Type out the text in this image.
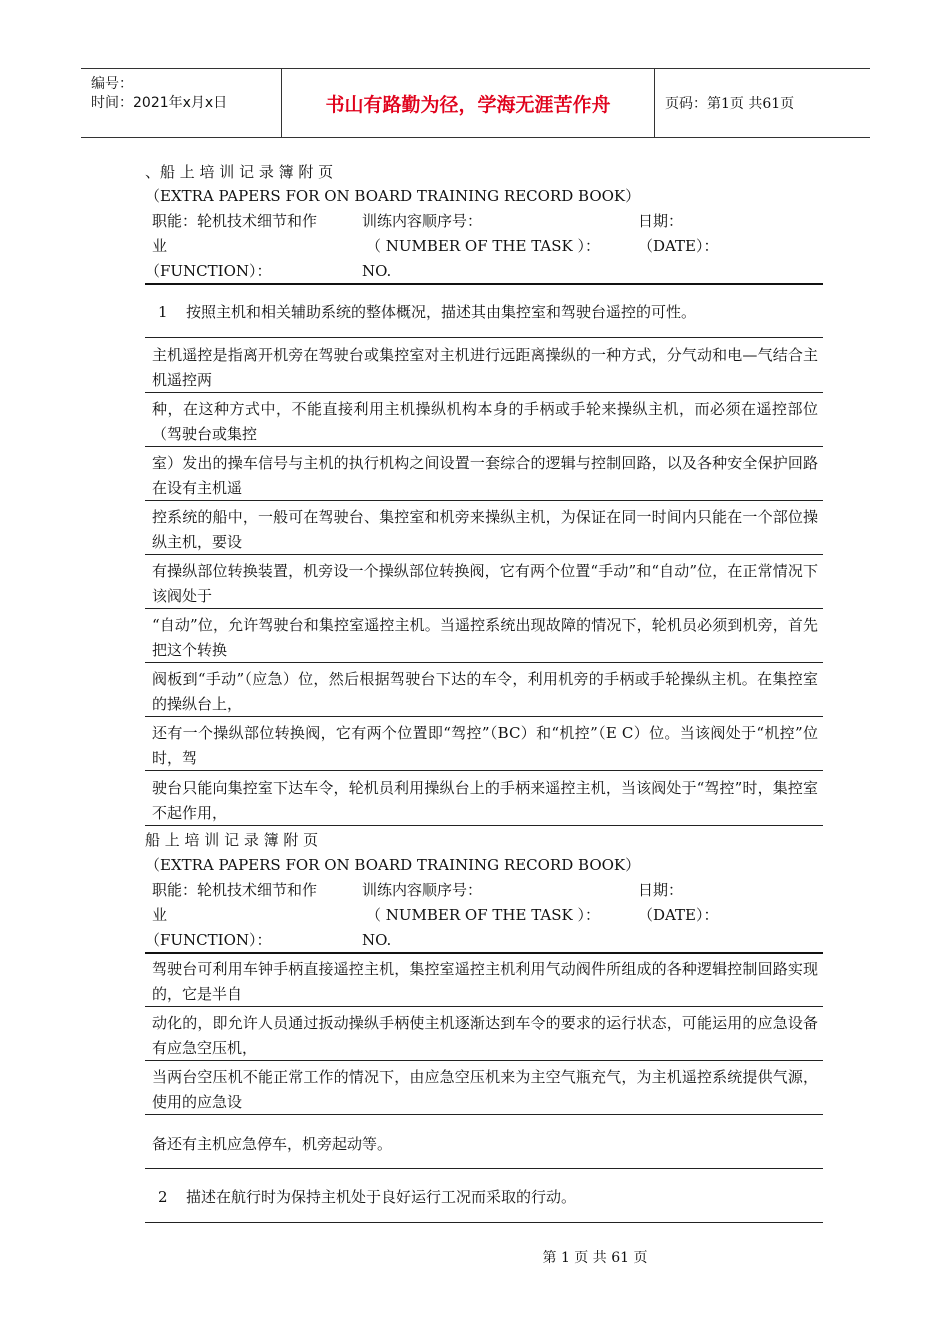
编号：
时间：2021年x月x日	书山有路勤为径，学海无涯苦作舟	页码：第1页 共61页
、船 上 培 训 记 录 簿 附 页
（EXTRA PAPERS FOR ON BOARD TRAINING RECORD BOOK）
职能：轮机技术细节和作
业
（FUNCTION）：
训练内容顺序号：
（ NUMBER OF THE TASK ）：
NO.
日期：
（DATE）：
1 按照主机和相关辅助系统的整体概况，描述其由集控室和驾驶台遥控的可性。
主机遥控是指离开机旁在驾驶台或集控室对主机进行远距离操纵的一种方式，分气动和电—气结合主机遥控两
种，在这种方式中，不能直接利用主机操纵机构本身的手柄或手轮来操纵主机，而必须在遥控部位（驾驶台或集控
室）发出的操车信号与主机的执行机构之间设置一套综合的逻辑与控制回路，以及各种安全保护回路在设有主机遥
控系统的船中，一般可在驾驶台、集控室和机旁来操纵主机，为保证在同一时间内只能在一个部位操纵主机，要设
有操纵部位转换装置，机旁设一个操纵部位转换阀，它有两个位置“手动”和“自动”位，在正常情况下该阀处于
“自动”位，允许驾驶台和集控室遥控主机。当遥控系统出现故障的情况下，轮机员必须到机旁，首先把这个转换
阀板到“手动”（应急）位，然后根据驾驶台下达的车令，利用机旁的手柄或手轮操纵主机。在集控室的操纵台上，
还有一个操纵部位转换阀，它有两个位置即“驾控”（BC）和“机控”（E C）位。当该阀处于“机控”位时，驾
驶台只能向集控室下达车令，轮机员利用操纵台上的手柄来遥控主机，当该阀处于“驾控”时，集控室不起作用，
船 上 培 训 记 录 簿 附 页
（EXTRA PAPERS FOR ON BOARD TRAINING RECORD BOOK）
职能：轮机技术细节和作
业
（FUNCTION）：
训练内容顺序号：
（ NUMBER OF THE TASK ）：
NO.
日期：
（DATE）：
驾驶台可利用车钟手柄直接遥控主机，集控室遥控主机利用气动阀件所组成的各种逻辑控制回路实现的，它是半自
动化的，即允许人员通过扳动操纵手柄使主机逐渐达到车令的要求的运行状态，可能运用的应急设备有应急空压机，
当两台空压机不能正常工作的情况下，由应急空压机来为主空气瓶充气，为主机遥控系统提供气源，使用的应急设
备还有主机应急停车，机旁起动等。
2 描述在航行时为保持主机处于良好运行工况而采取的行动。
第 1 页 共 61 页
